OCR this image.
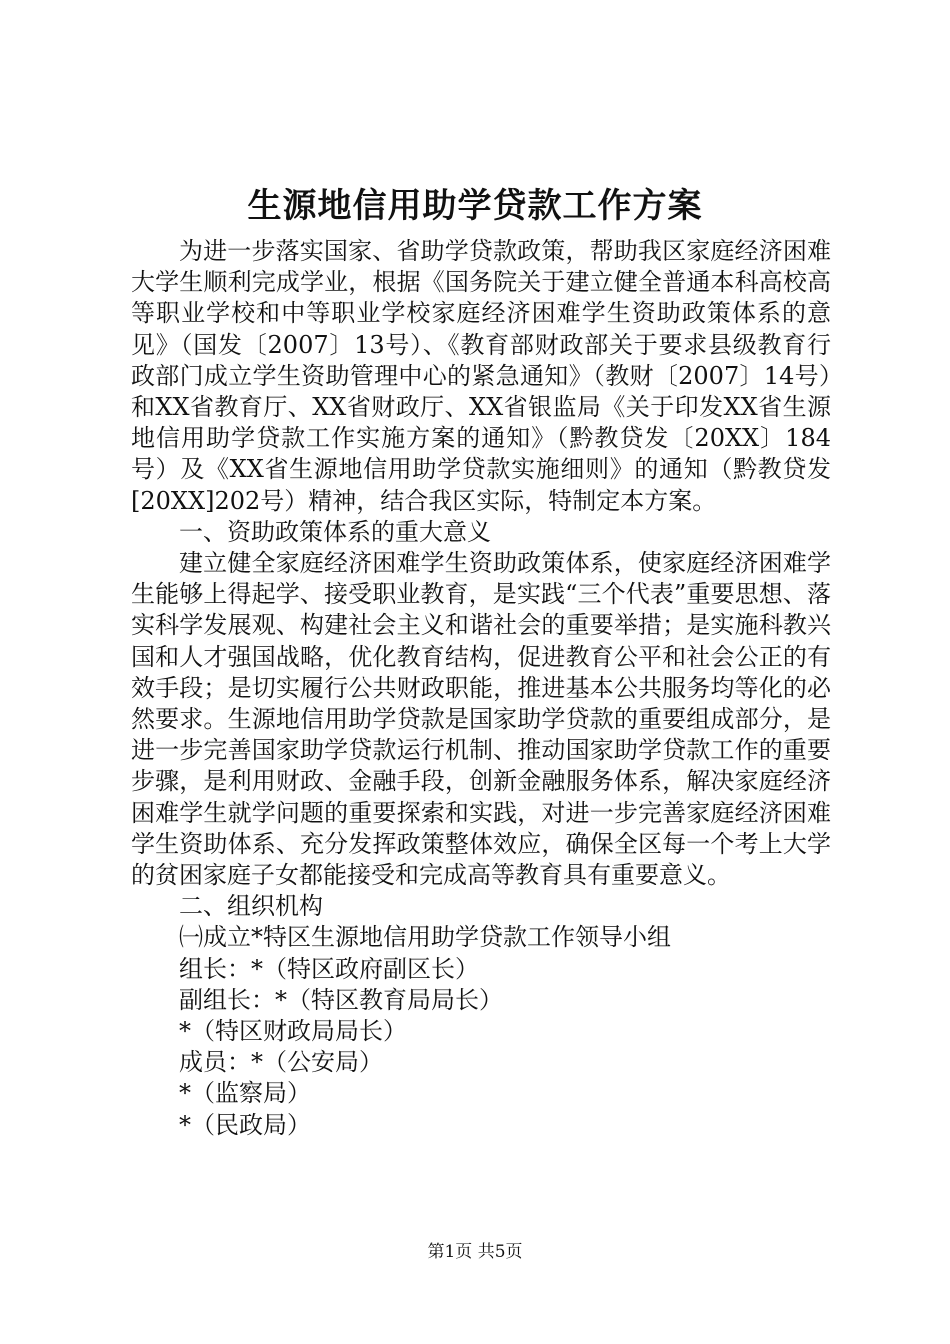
生源地信用助学贷款工作方案

为进一步落实国家、省助学贷款政策，帮助我区家庭经济困难大学生顺利完成学业，根据《国务院关于建立健全普通本科高校高等职业学校和中等职业学校家庭经济困难学生资助政策体系的意见》（国发〔2007〕13号）、《教育部财政部关于要求县级教育行政部门成立学生资助管理中心的紧急通知》（教财〔2007〕14号）和XX省教育厅、XX省财政厅、XX省银监局《关于印发XX省生源地信用助学贷款工作实施方案的通知》（黔教贷发〔20XX〕184号）及《XX省生源地信用助学贷款实施细则》的通知（黔教贷发[20XX]202号）精神，结合我区实际，特制定本方案。

一、资助政策体系的重大意义

建立健全家庭经济困难学生资助政策体系，使家庭经济困难学生能够上得起学、接受职业教育，是实践“三个代表”重要思想、落实科学发展观、构建社会主义和谐社会的重要举措；是实施科教兴国和人才强国战略，优化教育结构，促进教育公平和社会公正的有效手段；是切实履行公共财政职能，推进基本公共服务均等化的必然要求。生源地信用助学贷款是国家助学贷款的重要组成部分，是进一步完善国家助学贷款运行机制、推动国家助学贷款工作的重要步骤，是利用财政、金融手段，创新金融服务体系，解决家庭经济困难学生就学问题的重要探索和实践，对进一步完善家庭经济困难学生资助体系、充分发挥政策整体效应，确保全区每一个考上大学的贫困家庭子女都能接受和完成高等教育具有重要意义。

二、组织机构

㈠成立*特区生源地信用助学贷款工作领导小组

组长：*（特区政府副区长）

副组长：*（特区教育局局长）

*（特区财政局局长）

成员：*（公安局）

*（监察局）

*（民政局）

第1页 共5页
